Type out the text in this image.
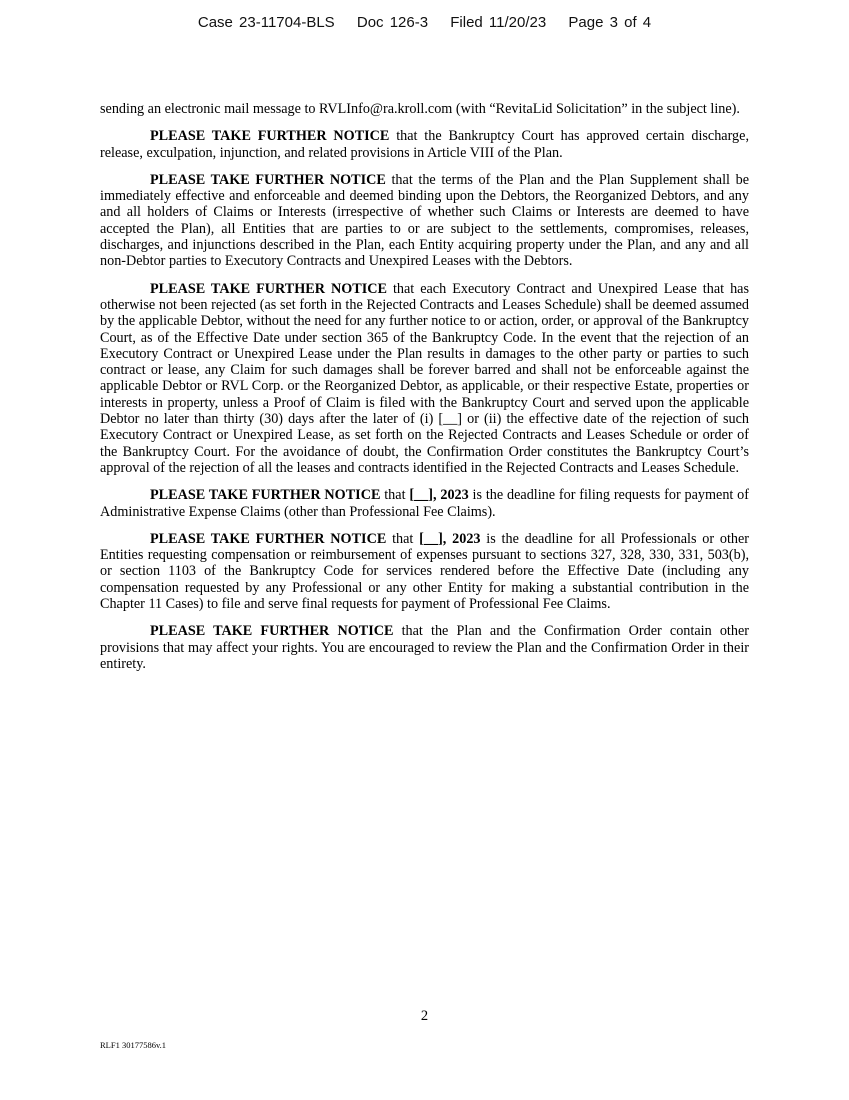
Case 23-11704-BLS Doc 126-3 Filed 11/20/23 Page 3 of 4

sending an electronic mail message to RVLInfo@ra.kroll.com (with “RevitaLid Solicitation” in the subject line).

PLEASE TAKE FURTHER NOTICE that the Bankruptcy Court has approved certain discharge, release, exculpation, injunction, and related provisions in Article VIII of the Plan.

PLEASE TAKE FURTHER NOTICE that the terms of the Plan and the Plan Supplement shall be immediately effective and enforceable and deemed binding upon the Debtors, the Reorganized Debtors, and any and all holders of Claims or Interests (irrespective of whether such Claims or Interests are deemed to have accepted the Plan), all Entities that are parties to or are subject to the settlements, compromises, releases, discharges, and injunctions described in the Plan, each Entity acquiring property under the Plan, and any and all non-Debtor parties to Executory Contracts and Unexpired Leases with the Debtors.

PLEASE TAKE FURTHER NOTICE that each Executory Contract and Unexpired Lease that has otherwise not been rejected (as set forth in the Rejected Contracts and Leases Schedule) shall be deemed assumed by the applicable Debtor, without the need for any further notice to or action, order, or approval of the Bankruptcy Court, as of the Effective Date under section 365 of the Bankruptcy Code. In the event that the rejection of an Executory Contract or Unexpired Lease under the Plan results in damages to the other party or parties to such contract or lease, any Claim for such damages shall be forever barred and shall not be enforceable against the applicable Debtor or RVL Corp. or the Reorganized Debtor, as applicable, or their respective Estate, properties or interests in property, unless a Proof of Claim is filed with the Bankruptcy Court and served upon the applicable Debtor no later than thirty (30) days after the later of (i) [__] or (ii) the effective date of the rejection of such Executory Contract or Unexpired Lease, as set forth on the Rejected Contracts and Leases Schedule or order of the Bankruptcy Court. For the avoidance of doubt, the Confirmation Order constitutes the Bankruptcy Court’s approval of the rejection of all the leases and contracts identified in the Rejected Contracts and Leases Schedule.

PLEASE TAKE FURTHER NOTICE that [__], 2023 is the deadline for filing requests for payment of Administrative Expense Claims (other than Professional Fee Claims).

PLEASE TAKE FURTHER NOTICE that [__], 2023 is the deadline for all Professionals or other Entities requesting compensation or reimbursement of expenses pursuant to sections 327, 328, 330, 331, 503(b), or section 1103 of the Bankruptcy Code for services rendered before the Effective Date (including any compensation requested by any Professional or any other Entity for making a substantial contribution in the Chapter 11 Cases) to file and serve final requests for payment of Professional Fee Claims.

PLEASE TAKE FURTHER NOTICE that the Plan and the Confirmation Order contain other provisions that may affect your rights. You are encouraged to review the Plan and the Confirmation Order in their entirety.

2
RLF1 30177586v.1
